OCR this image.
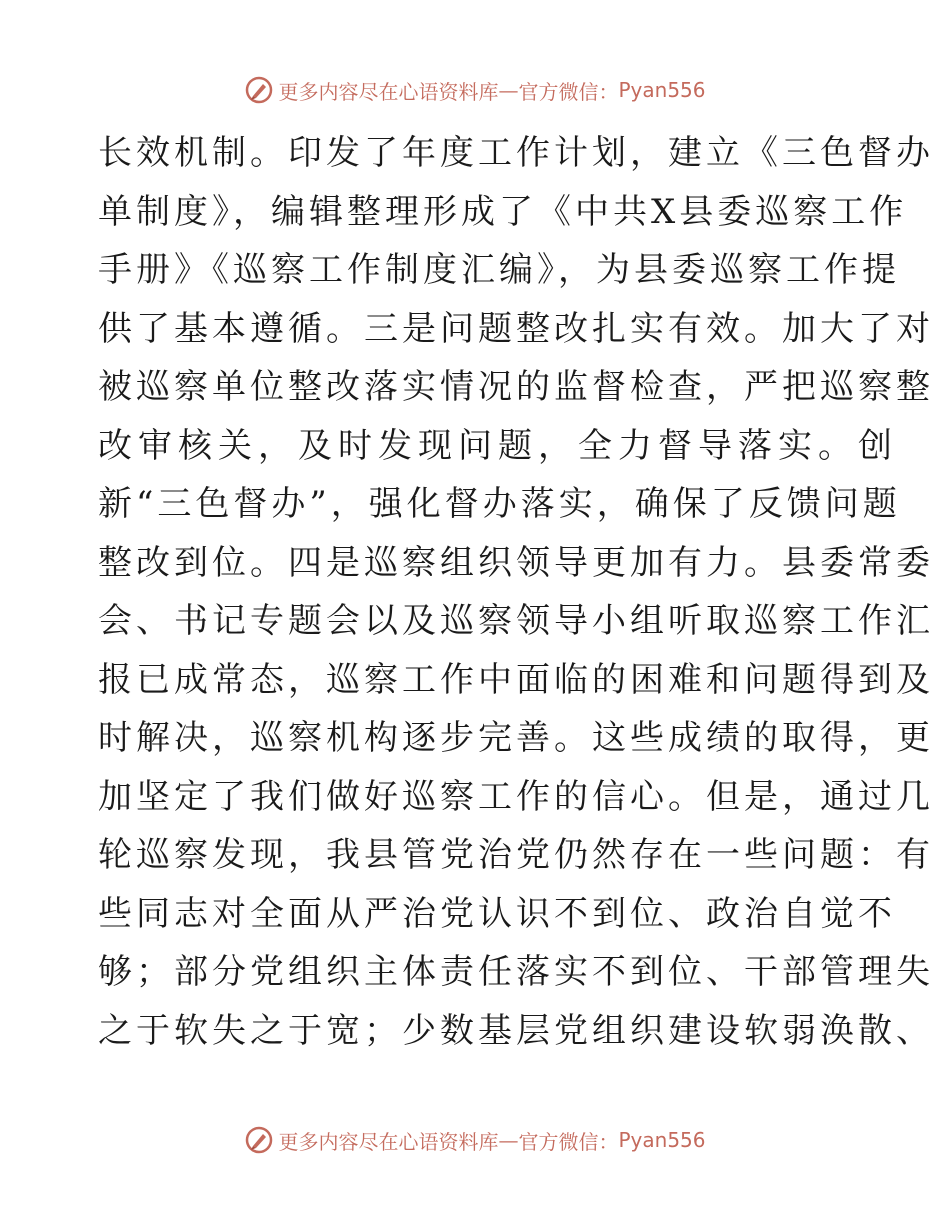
更多内容尽在心语资料库 — 官方微信： Pyan556
长效机制。印发了年度工作计划，建立《三色督办
单制度》，编辑整理形成了《中共X县委巡察工作
手册》《巡察工作制度汇编》，为县委巡察工作提
供了基本遵循。三是问题整改扎实有效。加大了对
被巡察单位整改落实情况的监督检查，严把巡察整
改审核关，及时发现问题，全力督导落实。创
新“三色督办”，强化督办落实，确保了反馈问题
整改到位。四是巡察组织领导更加有力。县委常委
会、书记专题会以及巡察领导小组听取巡察工作汇
报已成常态，巡察工作中面临的困难和问题得到及
时解决，巡察机构逐步完善。这些成绩的取得，更
加坚定了我们做好巡察工作的信心。但是，通过几
轮巡察发现，我县管党治党仍然存在一些问题：有
些同志对全面从严治党认识不到位、政治自觉不
够；部分党组织主体责任落实不到位、干部管理失
之于软失之于宽；少数基层党组织建设软弱涣散、
更多内容尽在心语资料库 — 官方微信： Pyan556
